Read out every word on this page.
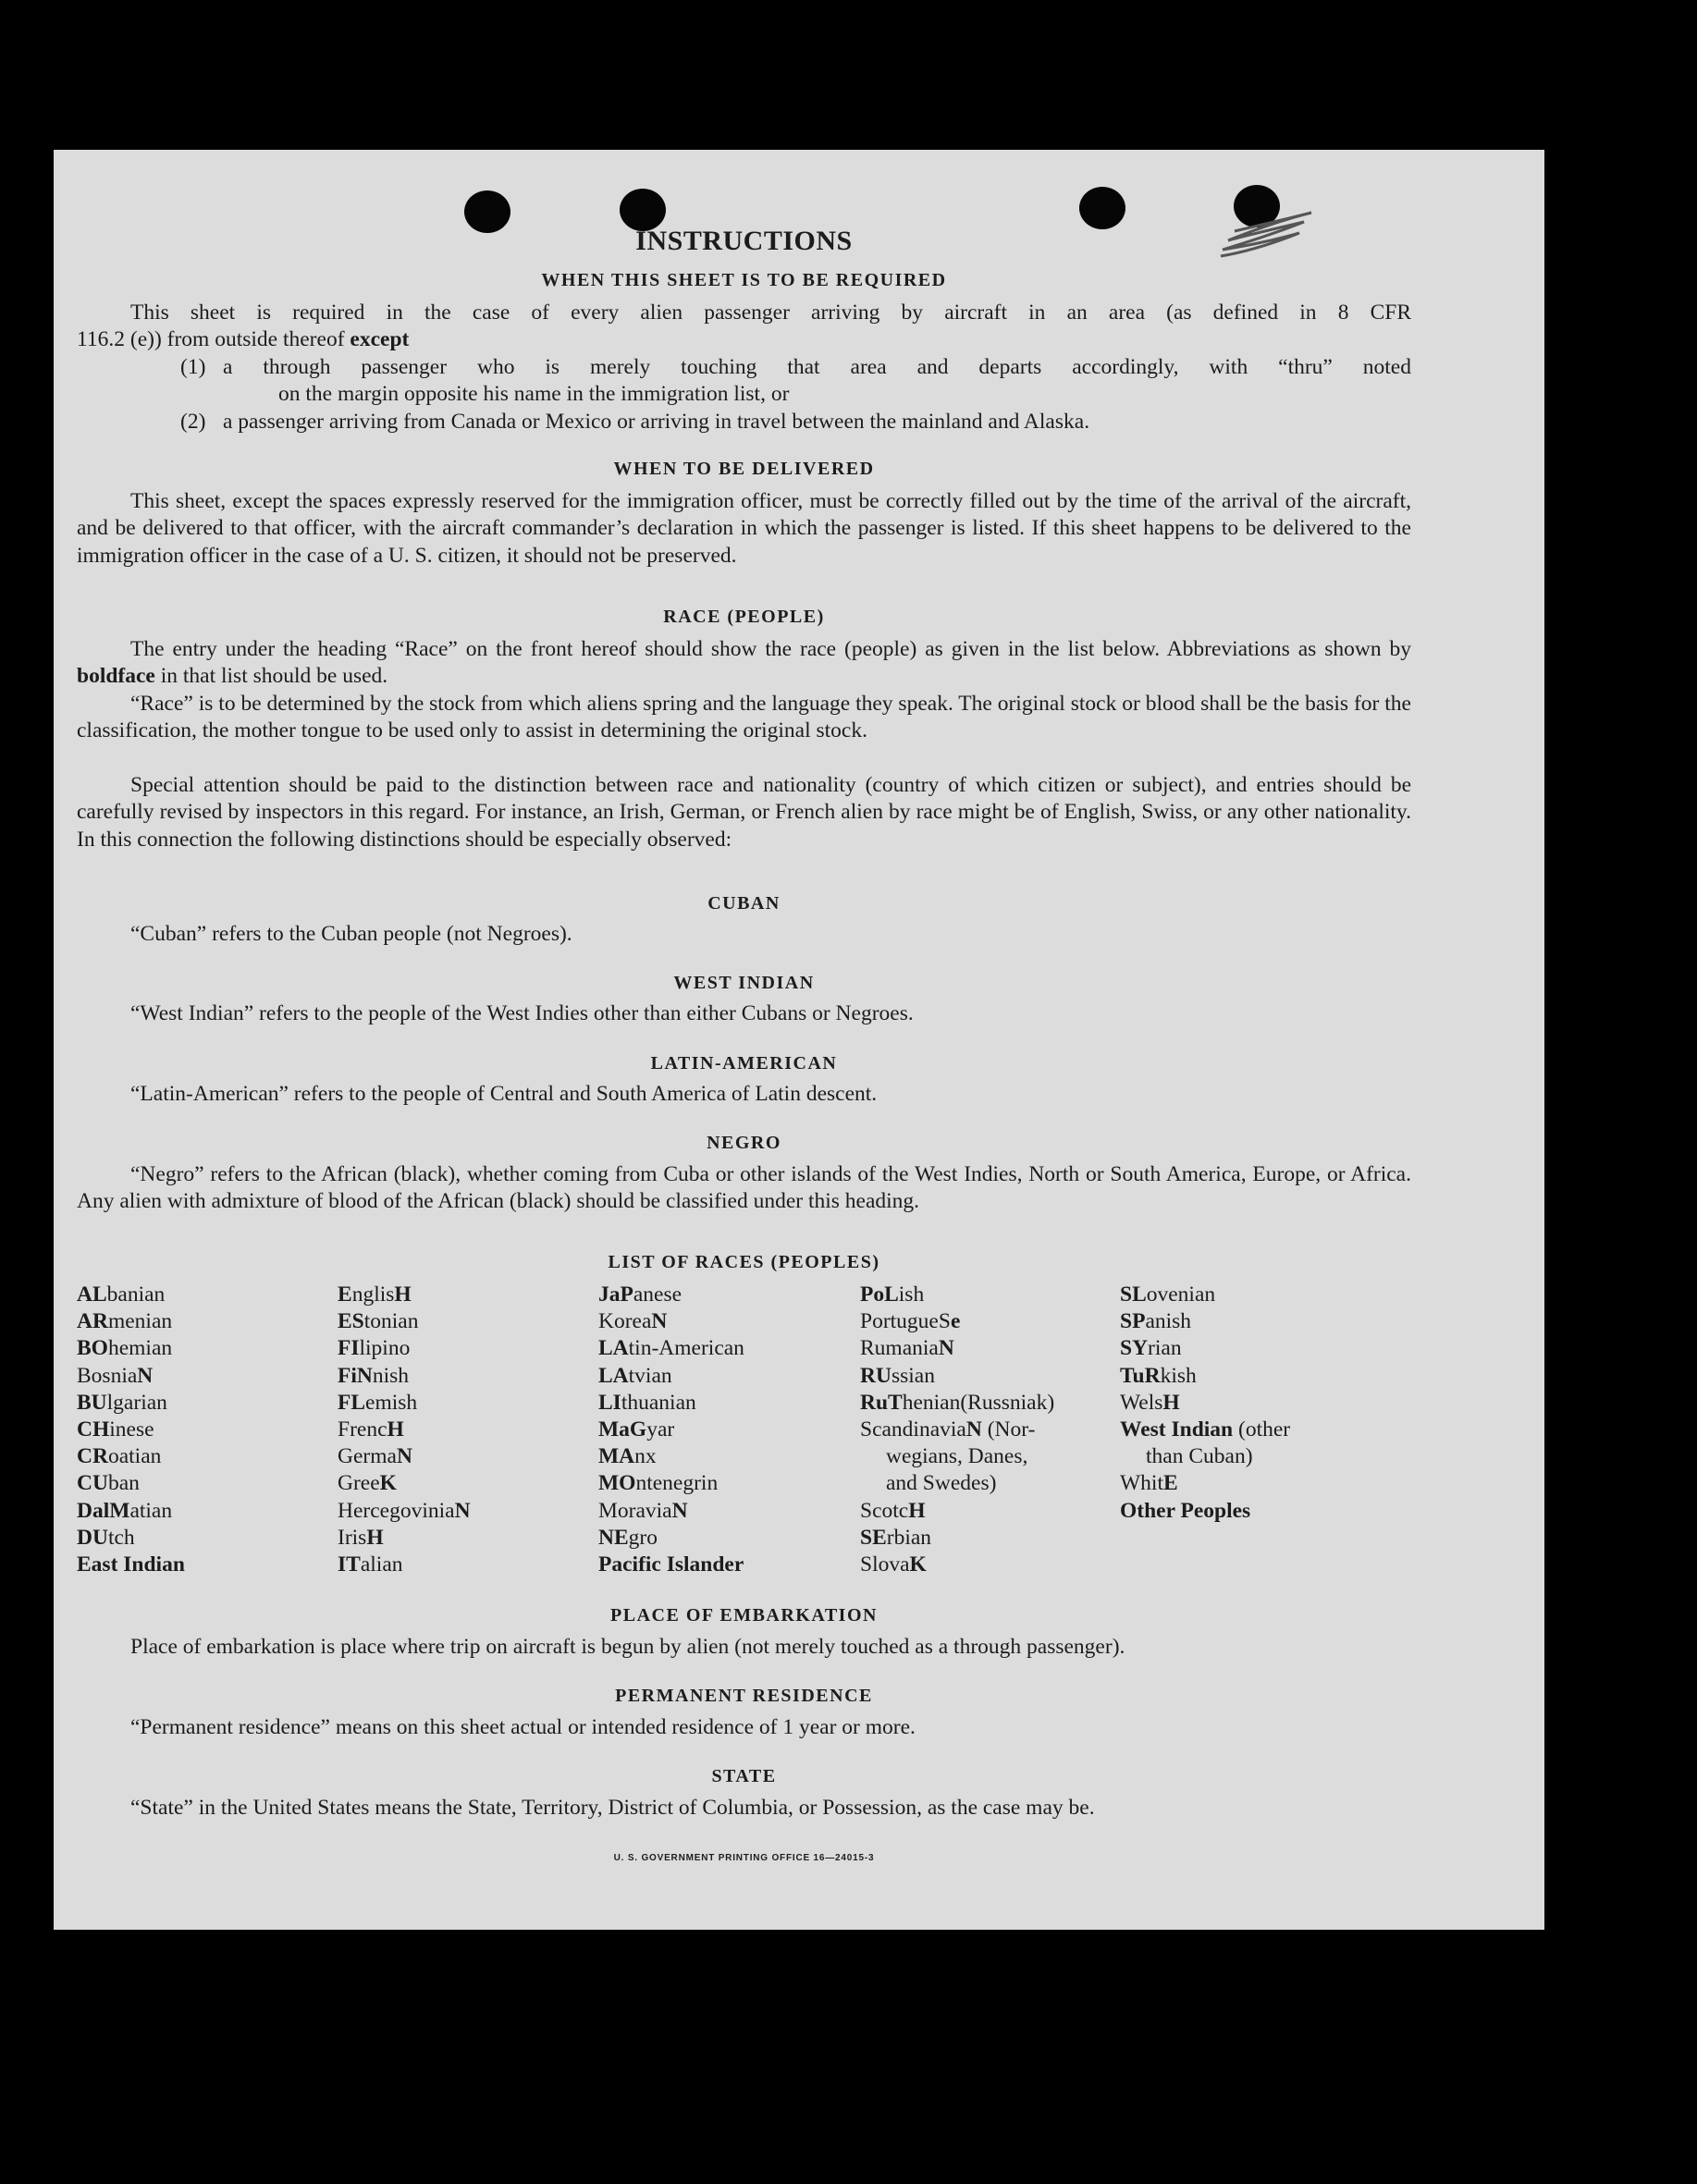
INSTRUCTIONS
WHEN THIS SHEET IS TO BE REQUIRED
This sheet is required in the case of every alien passenger arriving by aircraft in an area (as defined in 8 CFR
116.2 (e)) from outside thereof except
(1) a through passenger who is merely touching that area and departs accordingly, with “thru” noted
on the margin opposite his name in the immigration list, or
(2) a passenger arriving from Canada or Mexico or arriving in travel between the mainland and Alaska.
WHEN TO BE DELIVERED
This sheet, except the spaces expressly reserved for the immigration officer, must be correctly filled out by the time of the arrival of the aircraft, and be delivered to that officer, with the aircraft commander’s declaration in which the passenger is listed. If this sheet happens to be delivered to the immigration officer in the case of a U. S. citizen, it should not be preserved.
RACE (PEOPLE)
The entry under the heading “Race” on the front hereof should show the race (people) as given in the list below. Abbreviations as shown by boldface in that list should be used.
“Race” is to be determined by the stock from which aliens spring and the language they speak. The original stock or blood shall be the basis for the classification, the mother tongue to be used only to assist in determining the original stock.
Special attention should be paid to the distinction between race and nationality (country of which citizen or subject), and entries should be carefully revised by inspectors in this regard. For instance, an Irish, German, or French alien by race might be of English, Swiss, or any other nationality. In this connection the following distinctions should be especially observed:
CUBAN
“Cuban” refers to the Cuban people (not Negroes).
WEST INDIAN
“West Indian” refers to the people of the West Indies other than either Cubans or Negroes.
LATIN-AMERICAN
“Latin-American” refers to the people of Central and South America of Latin descent.
NEGRO
“Negro” refers to the African (black), whether coming from Cuba or other islands of the West Indies, North or South America, Europe, or Africa. Any alien with admixture of blood of the African (black) should be classified under this heading.
LIST OF RACES (PEOPLES)
ALbanian
ARmenian
BOhemian
BosniaN
BUlgarian
CHinese
CRoatian
CUban
DalMatian
DUtch
East Indian
EnglisH
EStonian
FIlipino
FiNnish
FLemish
FrencH
GermaN
GreeK
HercegoviniaN
IrisH
ITalian
JaPanese
KoreaN
LAtin-American
LAtvian
LIthuanian
MaGyar
MAnx
MOntenegrin
MoraviaN
NEgro
Pacific Islander
PoLish
PortugueSe
RumaniaN
RUssian
RuThenian(Russniak)
ScandinaviaN (Nor-
wegians, Danes,
and Swedes)
ScotcH
SErbian
SlovaK
SLovenian
SPanish
SYrian
TuRkish
WelsH
West Indian (other
than Cuban)
WhitE
Other Peoples
PLACE OF EMBARKATION
Place of embarkation is place where trip on aircraft is begun by alien (not merely touched as a through passenger).
PERMANENT RESIDENCE
“Permanent residence” means on this sheet actual or intended residence of 1 year or more.
STATE
“State” in the United States means the State, Territory, District of Columbia, or Possession, as the case may be.
U. S. GOVERNMENT PRINTING OFFICE 16—24015-3
